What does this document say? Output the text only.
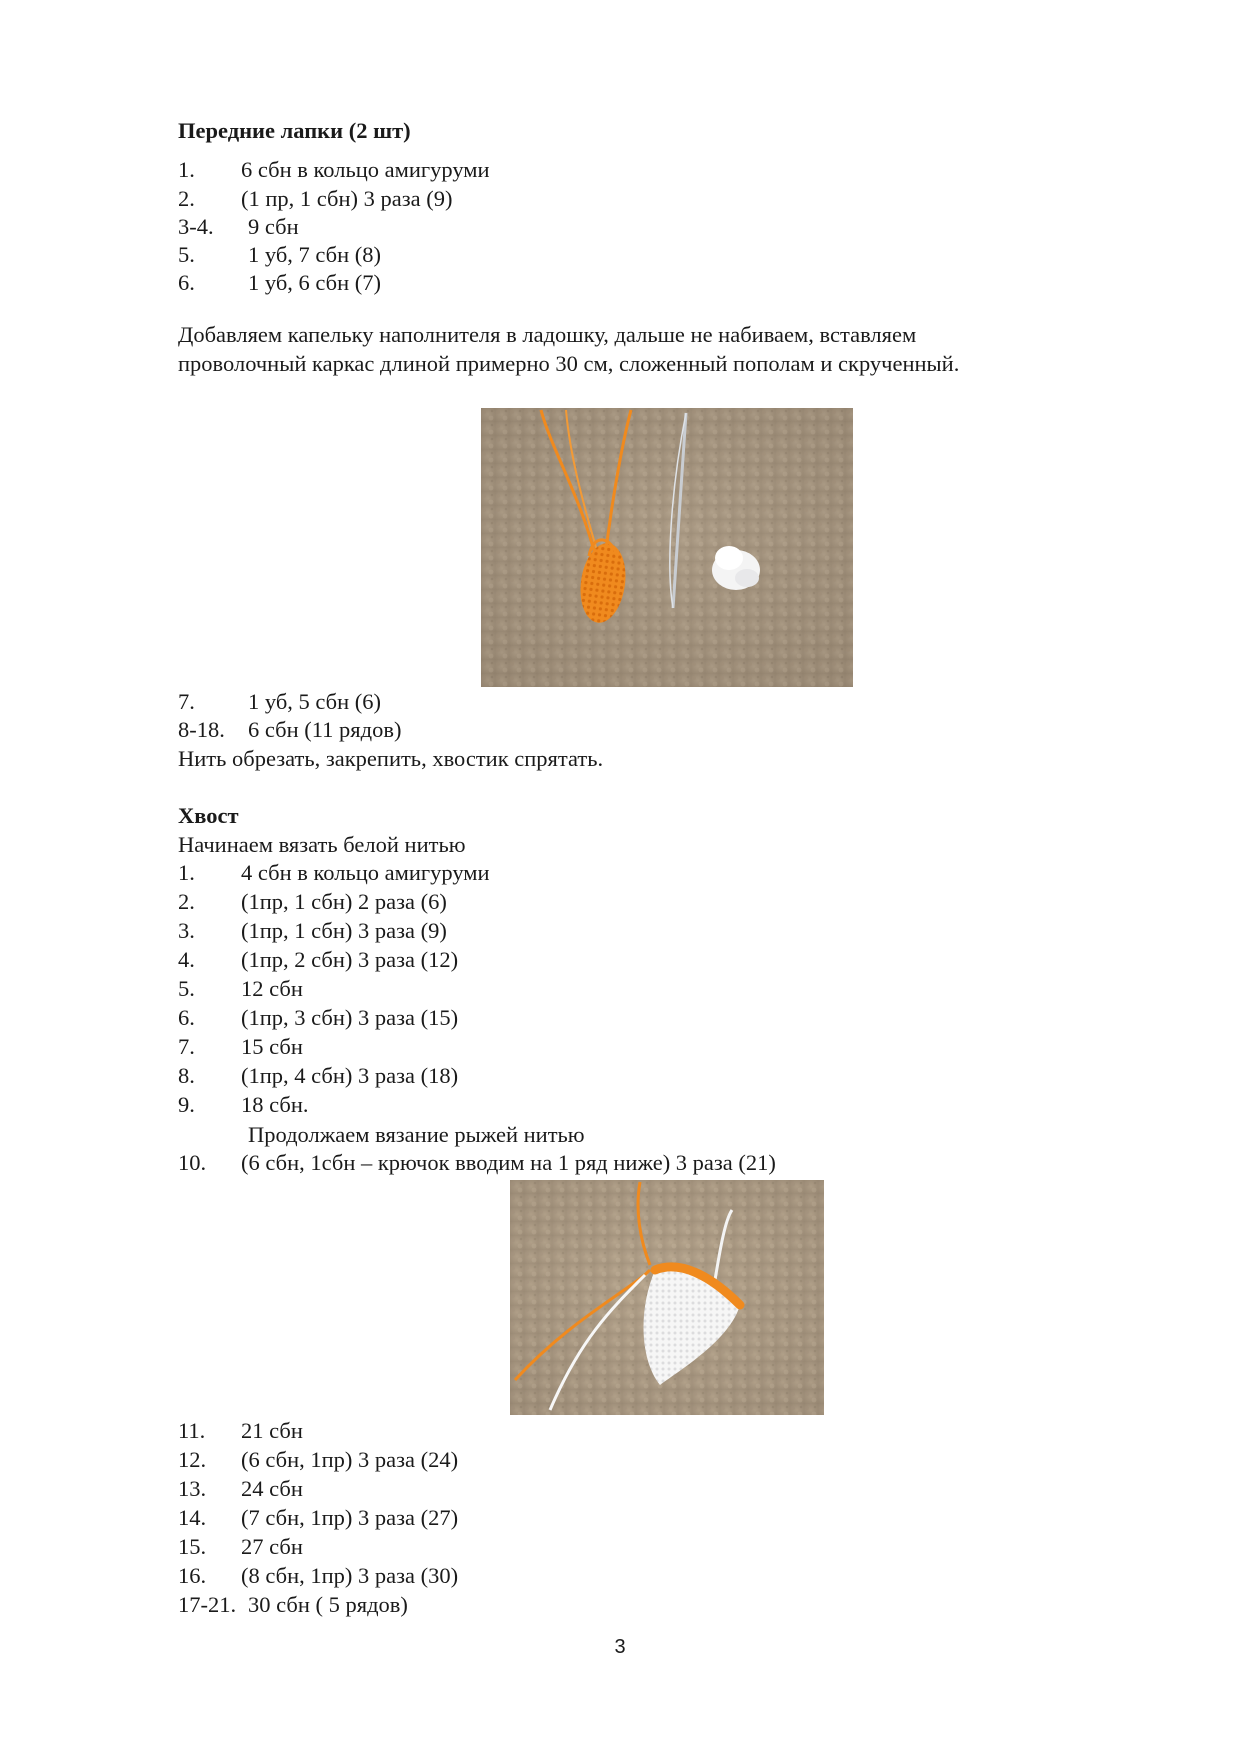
Передние лапки (2 шт)
1. 6 сбн в кольцо амигуруми
2. (1 пр, 1 сбн) 3 раза (9)
3-4. 9 сбн
5. 1 уб, 7 сбн (8)
6. 1 уб, 6 сбн (7)
Добавляем капельку наполнителя в ладошку, дальше не набиваем, вставляем
проволочный каркас длиной примерно 30 см, сложенный пополам и скрученный.
7. 1 уб, 5 сбн (6)
8-18. 6 сбн (11 рядов)
Нить обрезать, закрепить, хвостик спрятать.
Хвост
Начинаем вязать белой нитью
1. 4 сбн в кольцо амигуруми
2. (1пр, 1 сбн) 2 раза (6)
3. (1пр, 1 сбн) 3 раза (9)
4. (1пр, 2 сбн) 3 раза (12)
5. 12 сбн
6. (1пр, 3 сбн) 3 раза (15)
7. 15 сбн
8. (1пр, 4 сбн) 3 раза (18)
9. 18 сбн.
Продолжаем вязание рыжей нитью
10. (6 сбн, 1сбн – крючок вводим на 1 ряд ниже) 3 раза (21)
11. 21 сбн
12. (6 сбн, 1пр) 3 раза (24)
13. 24 сбн
14. (7 сбн, 1пр) 3 раза (27)
15. 27 сбн
16. (8 сбн, 1пр) 3 раза (30)
17-21. 30 сбн ( 5 рядов)
3
